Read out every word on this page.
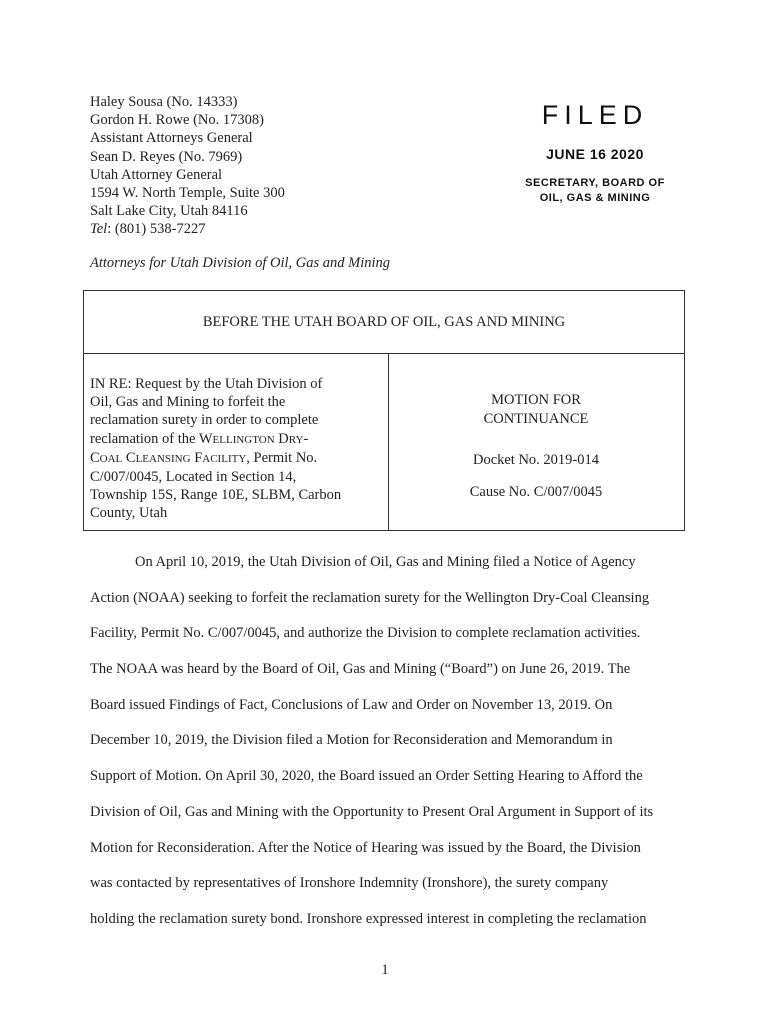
Haley Sousa (No. 14333)
Gordon H. Rowe (No. 17308)
Assistant Attorneys General
Sean D. Reyes (No. 7969)
Utah Attorney General
1594 W. North Temple, Suite 300
Salt Lake City, Utah 84116
Tel: (801) 538-7227
FILED
JUNE 16 2020
SECRETARY, BOARD OF
OIL, GAS & MINING
Attorneys for Utah Division of Oil, Gas and Mining
BEFORE THE UTAH BOARD OF OIL, GAS AND MINING
IN RE: Request by the Utah Division of
Oil, Gas and Mining to forfeit the
reclamation surety in order to complete
reclamation of the WELLINGTON DRY-
COAL CLEANSING FACILITY, Permit No.
C/007/0045, Located in Section 14,
Township 15S, Range 10E, SLBM, Carbon
County, Utah
MOTION FOR
CONTINUANCE
Docket No. 2019-014
Cause No. C/007/0045
On April 10, 2019, the Utah Division of Oil, Gas and Mining filed a Notice of Agency
Action (NOAA) seeking to forfeit the reclamation surety for the Wellington Dry-Coal Cleansing
Facility, Permit No. C/007/0045, and authorize the Division to complete reclamation activities.
The NOAA was heard by the Board of Oil, Gas and Mining (“Board”) on June 26, 2019. The
Board issued Findings of Fact, Conclusions of Law and Order on November 13, 2019. On
December 10, 2019, the Division filed a Motion for Reconsideration and Memorandum in
Support of Motion. On April 30, 2020, the Board issued an Order Setting Hearing to Afford the
Division of Oil, Gas and Mining with the Opportunity to Present Oral Argument in Support of its
Motion for Reconsideration. After the Notice of Hearing was issued by the Board, the Division
was contacted by representatives of Ironshore Indemnity (Ironshore), the surety company
holding the reclamation surety bond. Ironshore expressed interest in completing the reclamation
1
